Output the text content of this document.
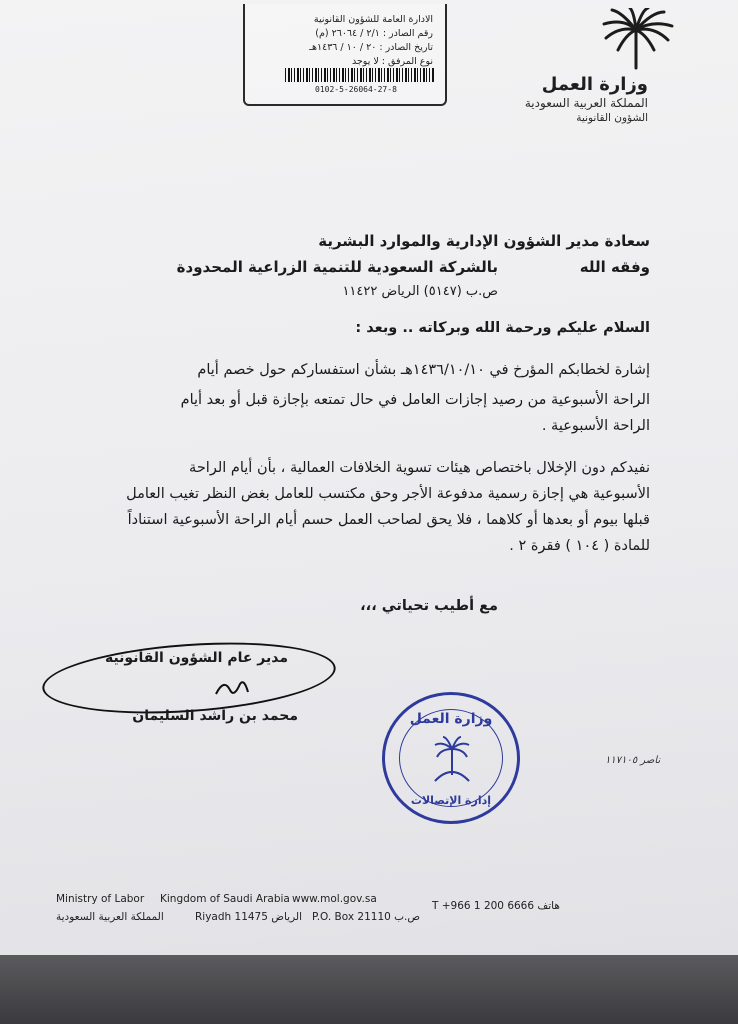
الادارة العامة للشؤون القانونية
رقم الصادر : ٢/١ / ٢٦٠٦٤ (م)
تاريخ الصادر : ٢٠ / ١٠ / ١٤٣٦هـ
نوع المرفق : لا يوجد
0102-5-26064-27-8	وزارة العمل
المملكة العربية السعودية
الشؤون القانونية
سعادة مدير الشؤون الإدارية والموارد البشرية
بالشركة السعودية للتنمية الزراعية المحدودة	وفقه الله
ص.ب (٥١٤٧) الرياض ١١٤٢٢
السلام عليكم ورحمة الله وبركاته .. وبعد :
إشارة لخطابكم المؤرخ في ١٤٣٦/١٠/١٠هـ بشأن استفساركم حول خصم أيام
الراحة الأسبوعية من رصيد إجازات العامل في حال تمتعه بإجازة قبل أو بعد أيام
الراحة الأسبوعية .
نفيدكم دون الإخلال باختصاص هيئات تسوية الخلافات العمالية ، بأن أيام الراحة
الأسبوعية هي إجازة رسمية مدفوعة الأجر وحق مكتسب للعامل بغض النظر تغيب العامل
قبلها بيوم أو بعدها أو كلاهما ، فلا يحق لصاحب العمل حسم أيام الراحة الأسبوعية استناداً
للمادة ( ١٠٤ ) فقرة ٢ .
مع أطيب تحياتي ،،،
مدير عام الشؤون القانونية
محمد بن راشد السليمان	وزارة العمل
إدارة الإتصالات
ناصر ١١٧١٠٥
Ministry of Labor
المملكة العربية السعودية
Kingdom of Saudi Arabia
Riyadh 11475 الرياض
www.mol.gov.sa
P.O. Box 21110 ص.ب
T +966 1 200 6666 هاتف
